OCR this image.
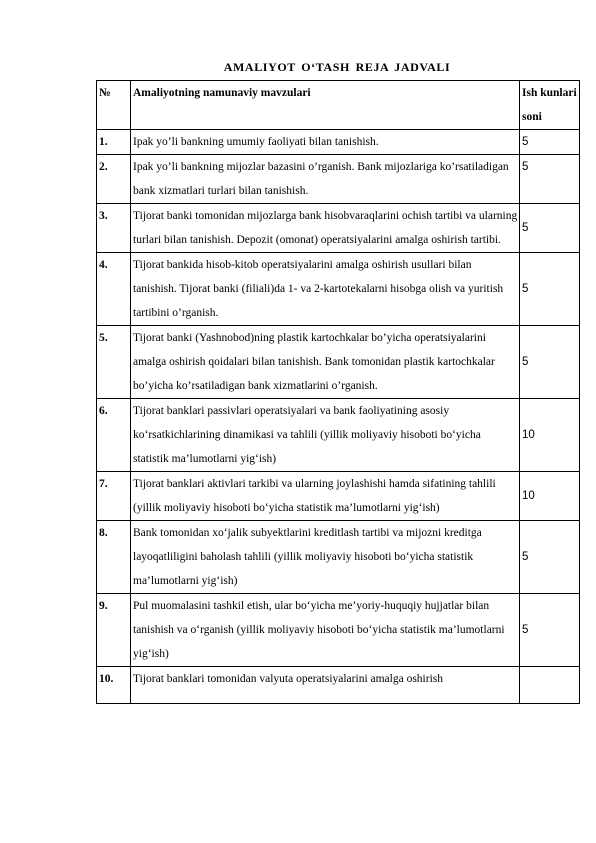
AMALIYOT O‘TASH REJA JADVALI
№	Amaliyotning namunaviy mavzulari	Ish kunlari soni
1.	Ipak yo’li bankning umumiy faoliyati bilan tanishish.	5
2.	Ipak yo’li bankning mijozlar bazasini o’rganish. Bank mijozlariga ko’rsatiladigan bank xizmatlari turlari bilan tanishish.	5
3.	Tijorat banki tomonidan mijozlarga bank hisobvaraqlarini ochish tartibi va ularning turlari bilan tanishish. Depozit (omonat) operatsiyalarini amalga oshirish tartibi.	5
4.	Tijorat bankida hisob-kitob operatsiyalarini amalga oshirish usullari bilan tanishish. Tijorat banki (filiali)da 1- va 2-kartotekalarni hisobga olish va yuritish tartibini o’rganish.	5
5.	Tijorat banki (Yashnobod)ning plastik kartochkalar bo’yicha operatsiyalarini amalga oshirish qoidalari bilan tanishish. Bank tomonidan plastik kartochkalar bo’yicha ko’rsatiladigan bank xizmatlarini o’rganish.	5
6.	Tijorat banklari passivlari operatsiyalari va bank faoliyatining asosiy ko‘rsatkichlarining dinamikasi va tahlili (yillik moliyaviy hisoboti bo‘yicha statistik ma’lumotlarni yig‘ish)	10
7.	Tijorat banklari aktivlari tarkibi va ularning joylashishi hamda sifatining tahlili (yillik moliyaviy hisoboti bo‘yicha statistik ma’lumotlarni yig‘ish)	10
8.	Bank tomonidan xo‘jalik subyektlarini kreditlash tartibi va mijozni kreditga layoqatliligini baholash tahlili (yillik moliyaviy hisoboti bo‘yicha statistik ma’lumotlarni yig‘ish)	5
9.	Pul muomalasini tashkil etish, ular bo‘yicha me’yoriy-huquqiy hujjatlar bilan tanishish va o‘rganish (yillik moliyaviy hisoboti bo‘yicha statistik ma’lumotlarni yig‘ish)	5
10.	Tijorat banklari tomonidan valyuta operatsiyalarini amalga oshirish	
